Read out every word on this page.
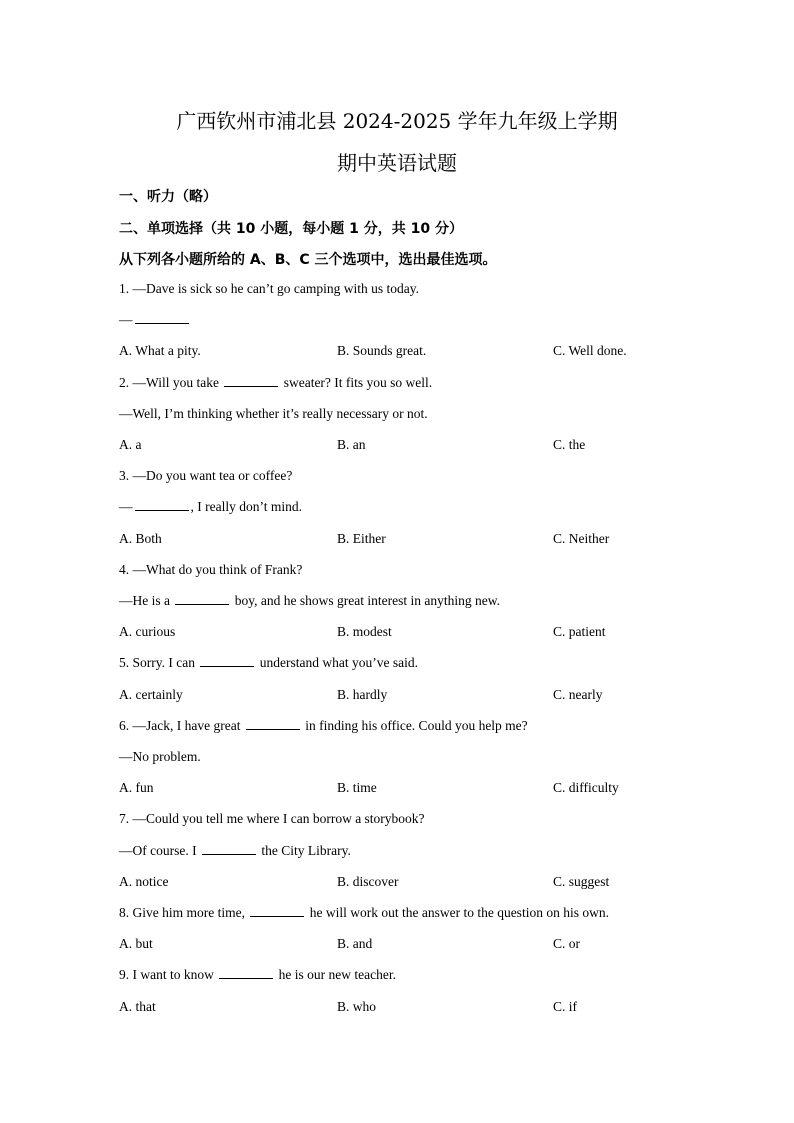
广西钦州市浦北县 2024-2025 学年九年级上学期
期中英语试题
一、听力（略）
二、单项选择（共 10 小题，每小题 1 分，共 10 分）
从下列各小题所给的 A、B、C 三个选项中，选出最佳选项。
1. —Dave is sick so he can’t go camping with us today.
—
A. What a pity.	B. Sounds great.	C. Well done.
2. —Will you take	sweater? It fits you so well.
—Well, I’m thinking whether it’s really necessary or not.
A. a	B. an	C. the
3. —Do you want tea or coffee?
—	, I really don’t mind.
A. Both	B. Either	C. Neither
4. —What do you think of Frank?
—He is a	boy, and he shows great interest in anything new.
A. curious	B. modest	C. patient
5. Sorry. I can	understand what you’ve said.
A. certainly	B. hardly	C. nearly
6. —Jack, I have great	in finding his office. Could you help me?
—No problem.
A. fun	B. time	C. difficulty
7. —Could you tell me where I can borrow a storybook?
—Of course. I	the City Library.
A. notice	B. discover	C. suggest
8. Give him more time,	he will work out the answer to the question on his own.
A. but	B. and	C. or
9. I want to know	he is our new teacher.
A. that	B. who	C. if
